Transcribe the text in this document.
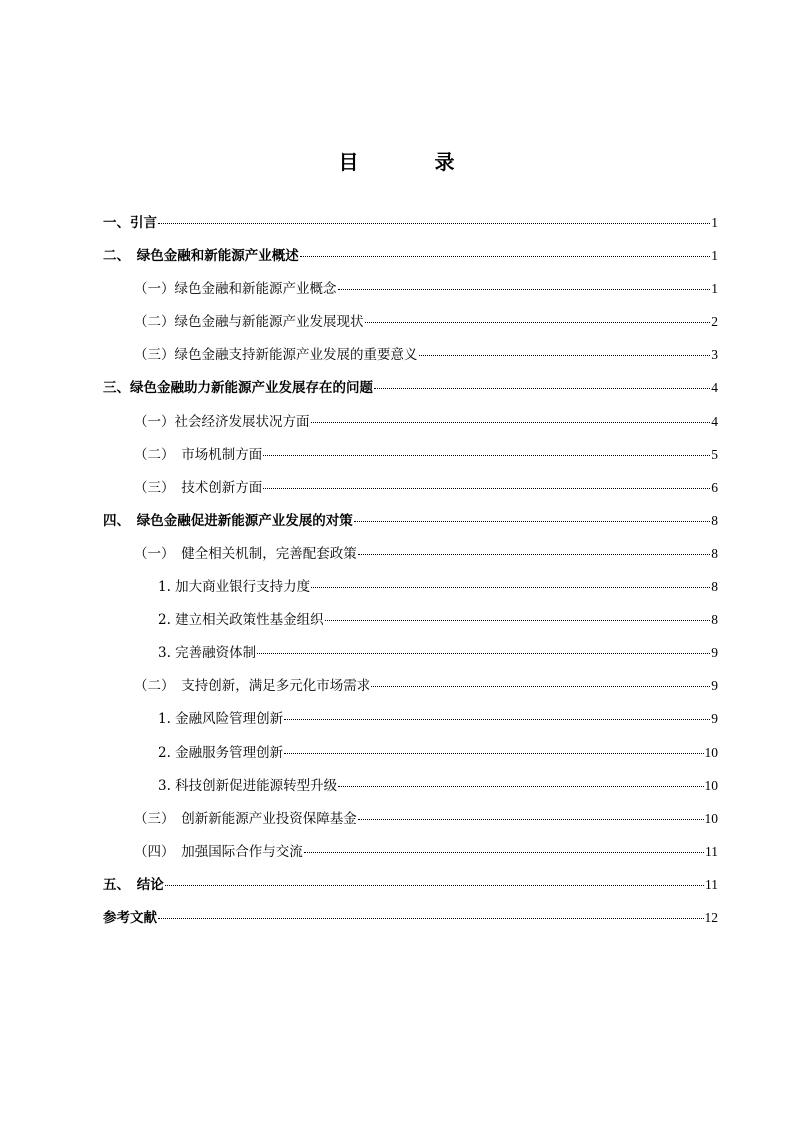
目　录
一、引言	1
二、　绿色金融和新能源产业概述	1
（一）绿色金融和新能源产业概念	1
（二）绿色金融与新能源产业发展现状	2
（三）绿色金融支持新能源产业发展的重要意义	3
三、绿色金融助力新能源产业发展存在的问题	4
（一）社会经济发展状况方面	4
（二）　市场机制方面	5
（三）　技术创新方面	6
四、　绿色金融促进新能源产业发展的对策	8
（一）　健全相关机制，完善配套政策	8
1. 加大商业银行支持力度	8
2. 建立相关政策性基金组织	8
3. 完善融资体制	9
（二）　支持创新，满足多元化市场需求	9
1. 金融风险管理创新	9
2. 金融服务管理创新	10
3. 科技创新促进能源转型升级	10
（三）　创新新能源产业投资保障基金	10
（四）　加强国际合作与交流	11
五、　结论	11
参考文献	12
